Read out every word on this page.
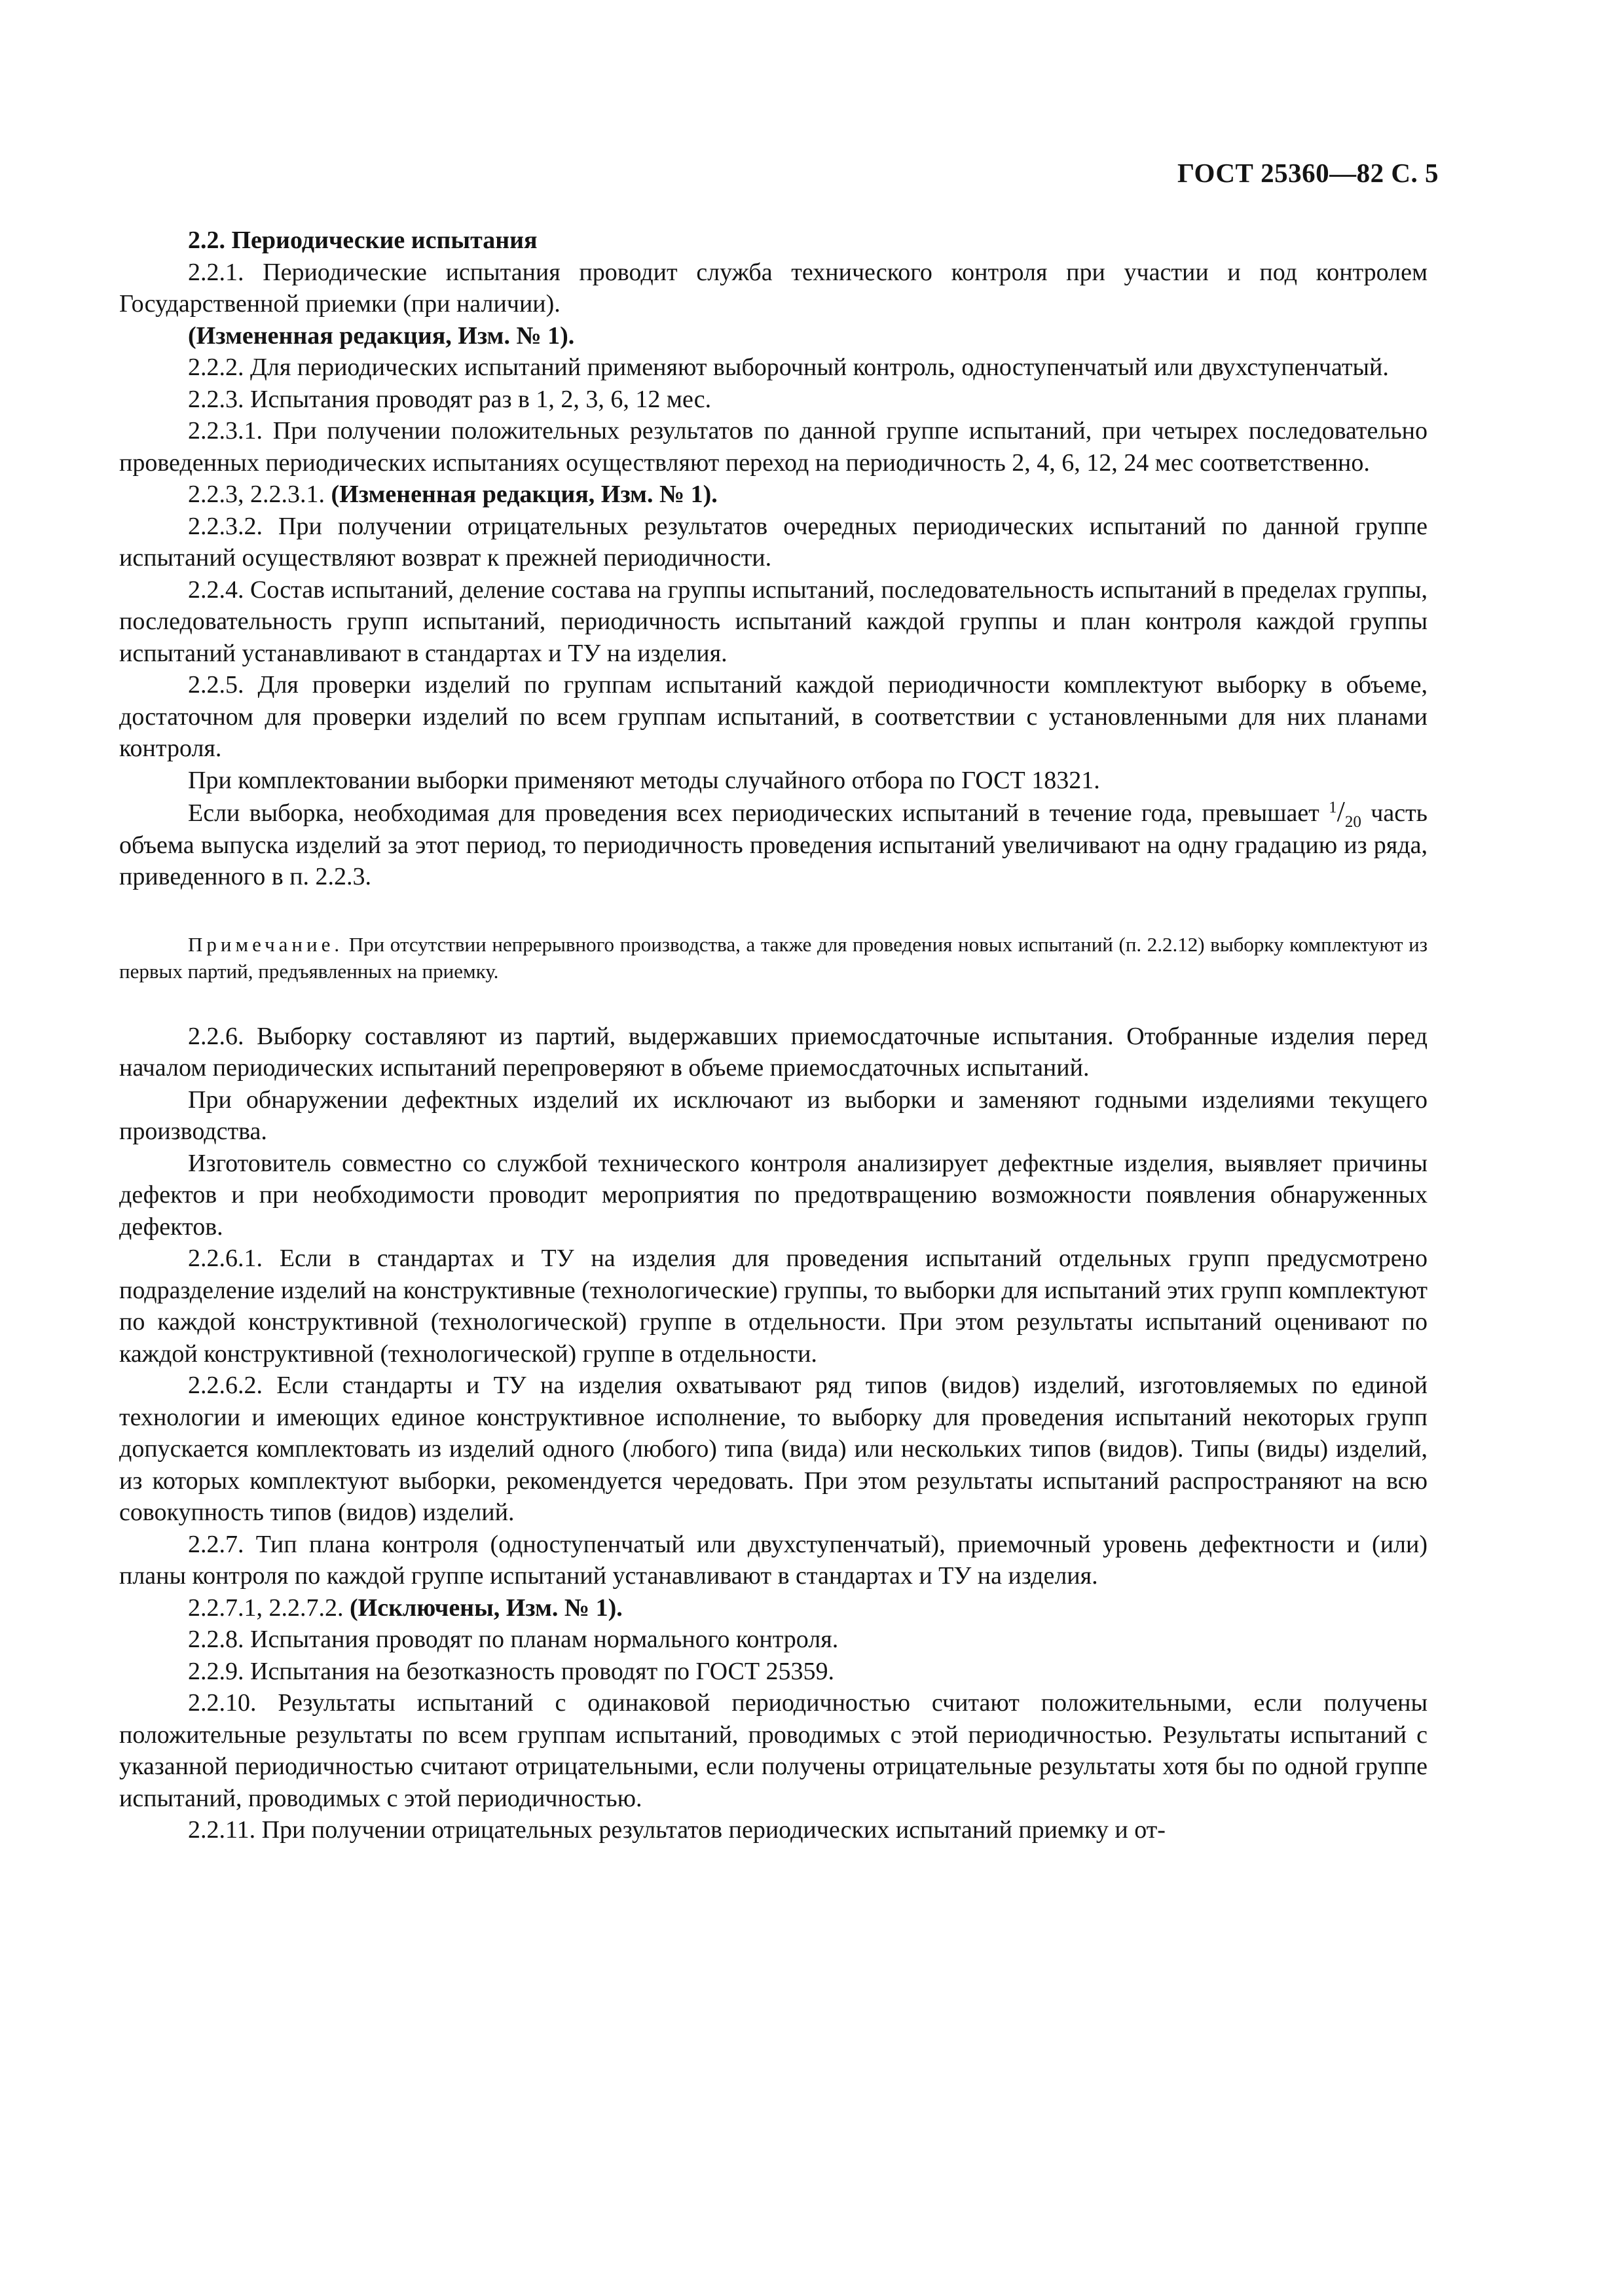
ГОСТ 25360—82 С. 5

2.2. Периодические испытания

2.2.1. Периодические испытания проводит служба технического контроля при участии и под контролем Государственной приемки (при наличии).

(Измененная редакция, Изм. № 1).

2.2.2. Для периодических испытаний применяют выборочный контроль, одноступенчатый или двухступенчатый.

2.2.3. Испытания проводят раз в 1, 2, 3, 6, 12 мес.

2.2.3.1. При получении положительных результатов по данной группе испытаний, при четырех последовательно проведенных периодических испытаниях осуществляют переход на периодичность 2, 4, 6, 12, 24 мес соответственно.

2.2.3, 2.2.3.1. (Измененная редакция, Изм. № 1).

2.2.3.2. При получении отрицательных результатов очередных периодических испытаний по данной группе испытаний осуществляют возврат к прежней периодичности.

2.2.4. Состав испытаний, деление состава на группы испытаний, последовательность испытаний в пределах группы, последовательность групп испытаний, периодичность испытаний каждой группы и план контроля каждой группы испытаний устанавливают в стандартах и ТУ на изделия.

2.2.5. Для проверки изделий по группам испытаний каждой периодичности комплектуют выборку в объеме, достаточном для проверки изделий по всем группам испытаний, в соответствии с установленными для них планами контроля.

При комплектовании выборки применяют методы случайного отбора по ГОСТ 18321.

Если выборка, необходимая для проведения всех периодических испытаний в течение года, превышает $^1/_{20}$ часть объема выпуска изделий за этот период, то периодичность проведения испытаний увеличивают на одну градацию из ряда, приведенного в п. 2.2.3.

Примечание. При отсутствии непрерывного производства, а также для проведения новых испытаний (п. 2.2.12) выборку комплектуют из первых партий, предъявленных на приемку.

2.2.6. Выборку составляют из партий, выдержавших приемосдаточные испытания. Отобранные изделия перед началом периодических испытаний перепроверяют в объеме приемосдаточных испытаний.

При обнаружении дефектных изделий их исключают из выборки и заменяют годными изделиями текущего производства.

Изготовитель совместно со службой технического контроля анализирует дефектные изделия, выявляет причины дефектов и при необходимости проводит мероприятия по предотвращению возможности появления обнаруженных дефектов.

2.2.6.1. Если в стандартах и ТУ на изделия для проведения испытаний отдельных групп предусмотрено подразделение изделий на конструктивные (технологические) группы, то выборки для испытаний этих групп комплектуют по каждой конструктивной (технологической) группе в отдельности. При этом результаты испытаний оценивают по каждой конструктивной (технологической) группе в отдельности.

2.2.6.2. Если стандарты и ТУ на изделия охватывают ряд типов (видов) изделий, изготовляемых по единой технологии и имеющих единое конструктивное исполнение, то выборку для проведения испытаний некоторых групп допускается комплектовать из изделий одного (любого) типа (вида) или нескольких типов (видов). Типы (виды) изделий, из которых комплектуют выборки, рекомендуется чередовать. При этом результаты испытаний распространяют на всю совокупность типов (видов) изделий.

2.2.7. Тип плана контроля (одноступенчатый или двухступенчатый), приемочный уровень дефектности и (или) планы контроля по каждой группе испытаний устанавливают в стандартах и ТУ на изделия.

2.2.7.1, 2.2.7.2. (Исключены, Изм. № 1).

2.2.8. Испытания проводят по планам нормального контроля.

2.2.9. Испытания на безотказность проводят по ГОСТ 25359.

2.2.10. Результаты испытаний с одинаковой периодичностью считают положительными, если получены положительные результаты по всем группам испытаний, проводимых с этой периодичностью. Результаты испытаний с указанной периодичностью считают отрицательными, если получены отрицательные результаты хотя бы по одной группе испытаний, проводимых с этой периодичностью.

2.2.11. При получении отрицательных результатов периодических испытаний приемку и от-
